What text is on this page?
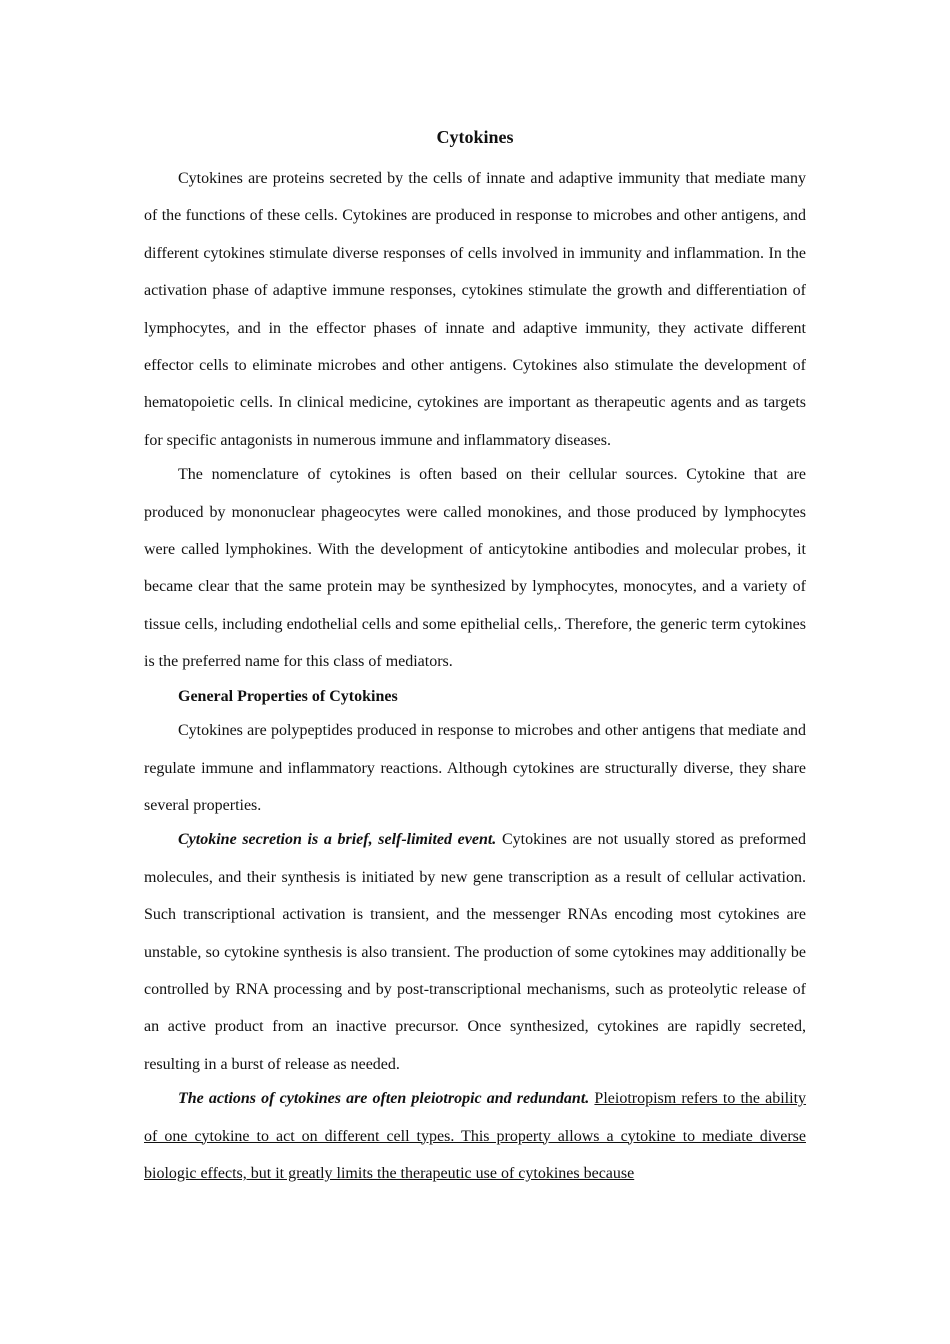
Cytokines

Cytokines are proteins secreted by the cells of innate and adaptive immunity that mediate many of the functions of these cells. Cytokines are produced in response to microbes and other antigens, and different cytokines stimulate diverse responses of cells involved in immunity and inflammation. In the activation phase of adaptive immune responses, cytokines stimulate the growth and differentiation of lymphocytes, and in the effector phases of innate and adaptive immunity, they activate different effector cells to eliminate microbes and other antigens. Cytokines also stimulate the development of hematopoietic cells. In clinical medicine, cytokines are important as therapeutic agents and as targets for specific antagonists in numerous immune and inflammatory diseases.

The nomenclature of cytokines is often based on their cellular sources. Cytokine that are produced by mononuclear phageocytes were called monokines, and those produced by lymphocytes were called lymphokines. With the development of anticytokine antibodies and molecular probes, it became clear that the same protein may be synthesized by lymphocytes, monocytes, and a variety of tissue cells, including endothelial cells and some epithelial cells,. Therefore, the generic term cytokines is the preferred name for this class of mediators.

General Properties of Cytokines

Cytokines are polypeptides produced in response to microbes and other antigens that mediate and regulate immune and inflammatory reactions. Although cytokines are structurally diverse, they share several properties.

Cytokine secretion is a brief, self-limited event. Cytokines are not usually stored as preformed molecules, and their synthesis is initiated by new gene transcription as a result of cellular activation. Such transcriptional activation is transient, and the messenger RNAs encoding most cytokines are unstable, so cytokine synthesis is also transient. The production of some cytokines may additionally be controlled by RNA processing and by post-transcriptional mechanisms, such as proteolytic release of an active product from an inactive precursor. Once synthesized, cytokines are rapidly secreted, resulting in a burst of release as needed.

The actions of cytokines are often pleiotropic and redundant. Pleiotropism refers to the ability of one cytokine to act on different cell types. This property allows a cytokine to mediate diverse biologic effects, but it greatly limits the therapeutic use of cytokines because
